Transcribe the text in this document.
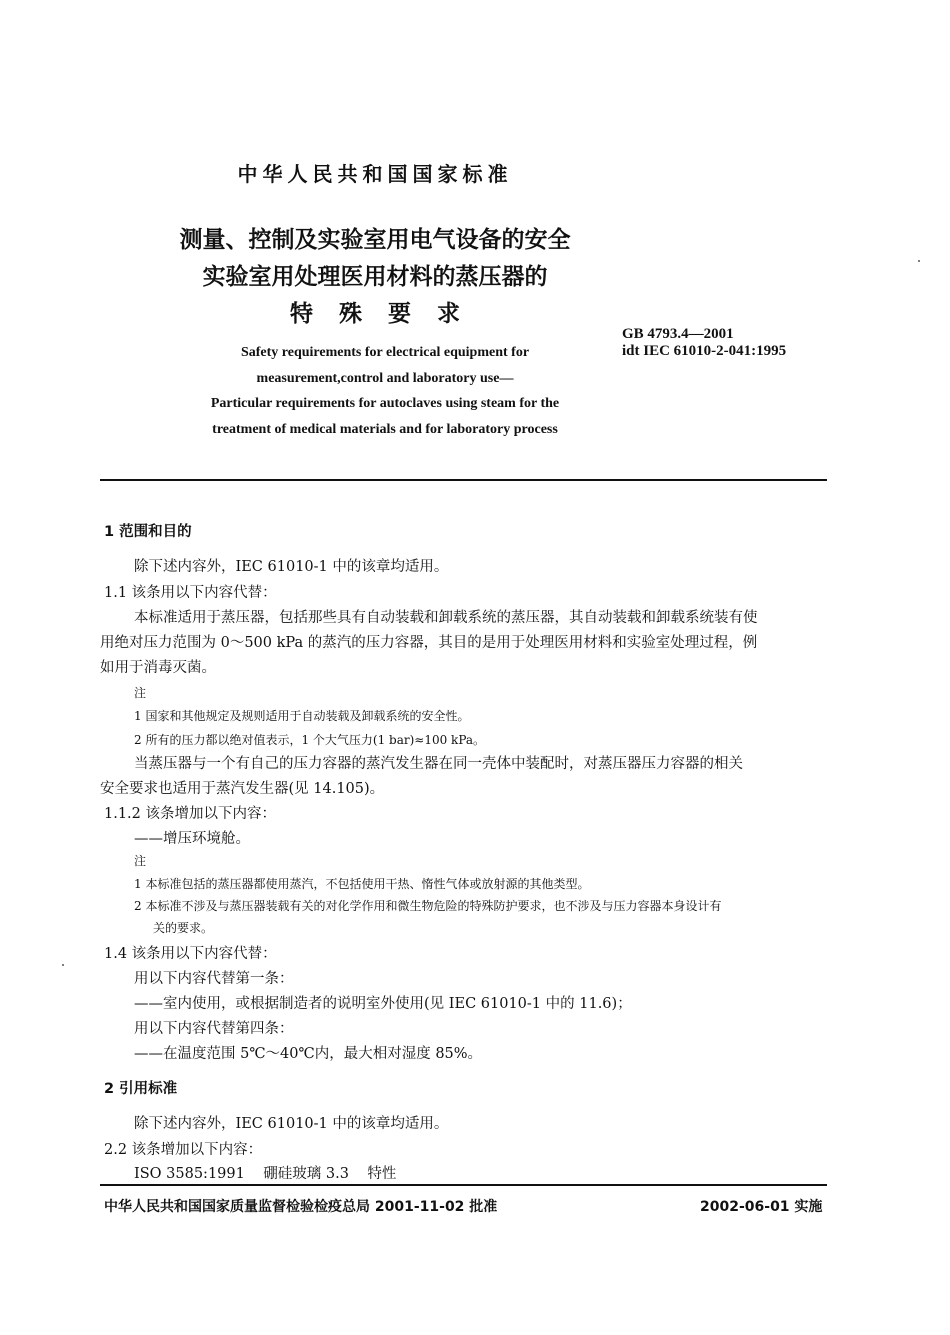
中华人民共和国国家标准
测量、控制及实验室用电气设备的安全
实验室用处理医用材料的蒸压器的
特殊要求
GB 4793.4—2001
idt IEC 61010-2-041:1995
Safety requirements for electrical equipment for
measurement,control and laboratory use—
Particular requirements for autoclaves using steam for the
treatment of medical materials and for laboratory process
1 范围和目的
除下述内容外，IEC 61010-1 中的该章均适用。
1.1 该条用以下内容代替：
本标准适用于蒸压器，包括那些具有自动装载和卸载系统的蒸压器，其自动装载和卸载系统装有使
用绝对压力范围为 0～500 kPa 的蒸汽的压力容器，其目的是用于处理医用材料和实验室处理过程，例
如用于消毒灭菌。
注
1 国家和其他规定及规则适用于自动装载及卸载系统的安全性。
2 所有的压力都以绝对值表示，1 个大气压力(1 bar)≈100 kPa。
当蒸压器与一个有自己的压力容器的蒸汽发生器在同一壳体中装配时，对蒸压器压力容器的相关
安全要求也适用于蒸汽发生器(见 14.105)。
1.1.2 该条增加以下内容：
——增压环境舱。
注
1 本标准包括的蒸压器都使用蒸汽，不包括使用干热、惰性气体或放射源的其他类型。
2 本标准不涉及与蒸压器装载有关的对化学作用和微生物危险的特殊防护要求，也不涉及与压力容器本身设计有
关的要求。
1.4 该条用以下内容代替：
用以下内容代替第一条：
——室内使用，或根据制造者的说明室外使用(见 IEC 61010-1 中的 11.6)；
用以下内容代替第四条：
——在温度范围 5℃～40℃内，最大相对湿度 85%。
2 引用标准
除下述内容外，IEC 61010-1 中的该章均适用。
2.2 该条增加以下内容：
ISO 3585:1991    硼硅玻璃 3.3    特性
中华人民共和国国家质量监督检验检疫总局 2001-11-02 批准	2002-06-01 实施
